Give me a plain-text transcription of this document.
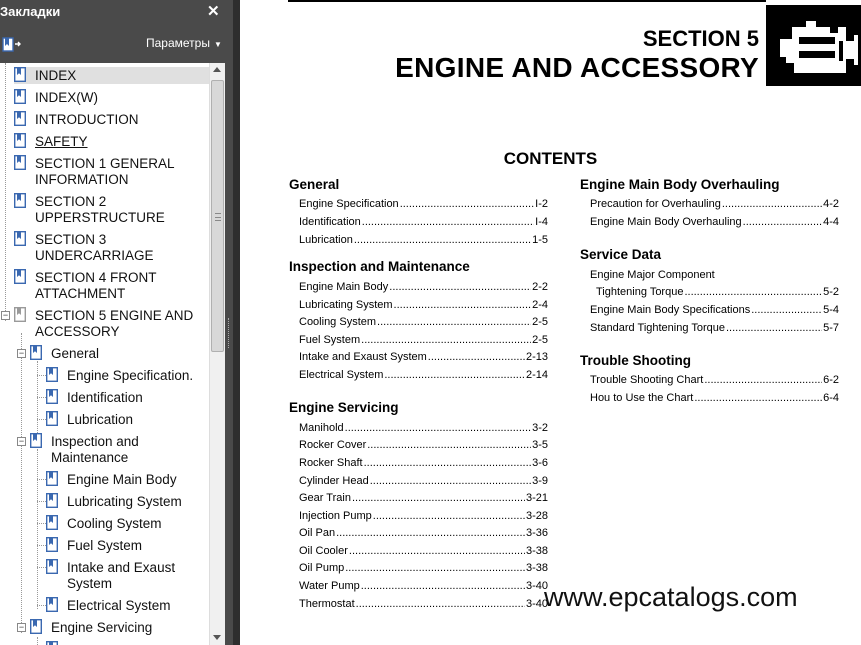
Закладки	✕
Параметры ▼
INDEX
INDEX(W)
INTRODUCTION
SAFETY
SECTION 1 GENERAL
INFORMATION
SECTION 2
UPPERSTRUCTURE
SECTION 3
UNDERCARRIAGE
SECTION 4 FRONT
ATTACHMENT
− SECTION 5 ENGINE AND
ACCESSORY
− General
Engine Specification.
Identification
Lubrication
− Inspection and
Maintenance
Engine Main Body
Lubricating System
Cooling System
Fuel System
Intake and Exaust
System
Electrical System
− Engine Servicing
SECTION 5
ENGINE AND ACCESSORY
CONTENTS
General
Engine Specification .....	I-2
Identification .....	I-4
Lubrication .....	1-5
Inspection and Maintenance
Engine Main Body .....	2-2
Lubricating System .....	2-4
Cooling System .....	2-5
Fuel System .....	2-5
Intake and Exaust System .....	2-13
Electrical System .....	2-14
Engine Servicing
Manihold .....	3-2
Rocker Cover .....	3-5
Rocker Shaft .....	3-6
Cylinder Head .....	3-9
Gear Train .....	3-21
Injection Pump .....	3-28
Oil Pan .....	3-36
Oil Cooler .....	3-38
Oil Pump .....	3-38
Water Pump .....	3-40
Thermostat .....	3-40
Engine Main Body Overhauling
Precaution for Overhauling .....	4-2
Engine Main Body Overhauling .....	4-4
Service Data
Engine Major Component
Tightening Torque .....	5-2
Engine Main Body Specifications .....	5-4
Standard Tightening Torque .....	5-7
Trouble Shooting
Trouble Shooting Chart .....	6-2
Hou to Use the Chart .....	6-4
www.epcatalogs.com
